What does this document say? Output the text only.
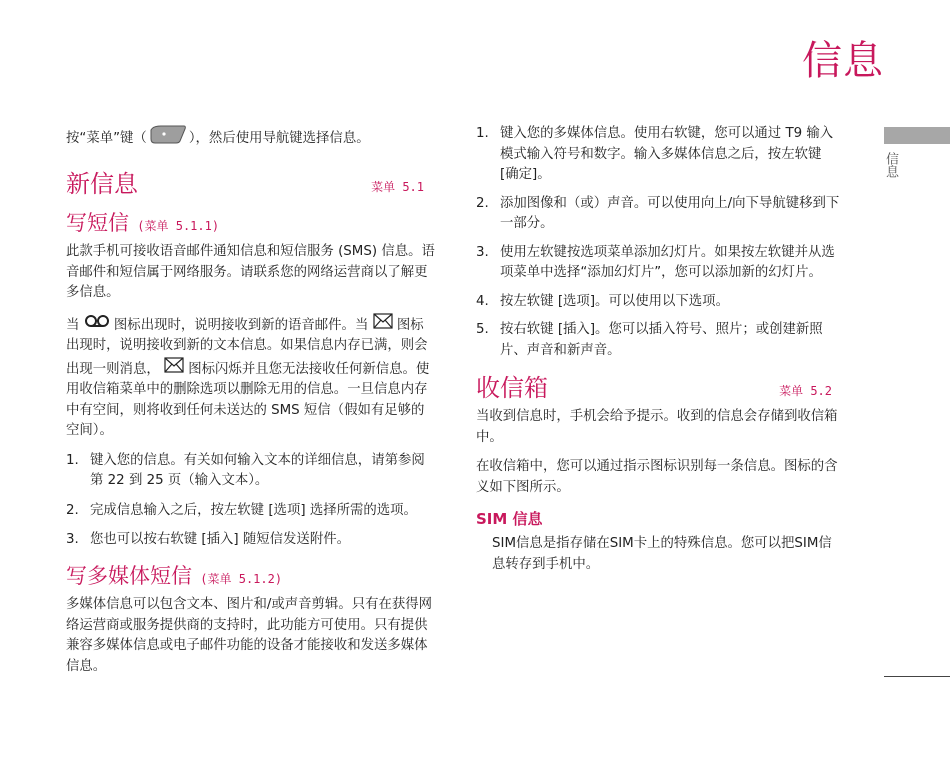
信息
信息

按“菜单”键（	），然后使用导航键选择信息。

新信息	菜单 5.1
写短信 (菜单 5.1.1)

此款手机可接收语音邮件通知信息和短信服务 (SMS) 信息。语音邮件和短信属于网络服务。请联系您的网络运营商以了解更多信息。

当	图标出现时，说明接收到新的语音邮件。当 图标出现时，说明接收到新的文本信息。如果信息内存已满，则会出现一则消息， 图标闪烁并且您无法接收任何新信息。使用收信箱菜单中的删除选项以删除无用的信息。一旦信息内存中有空间，则将收到任何未送达的 SMS 短信（假如有足够的空间）。

1. 键入您的信息。有关如何输入文本的详细信息，请第参阅第 22 到 25 页（输入文本）。
2. 完成信息输入之后，按左软键 [选项] 选择所需的选项。
3. 您也可以按右软键 [插入] 随短信发送附件。
写多媒体短信 (菜单 5.1.2)

多媒体信息可以包含文本、图片和/或声音剪辑。只有在获得网络运营商或服务提供商的支持时，此功能方可使用。只有提供兼容多媒体信息或电子邮件功能的设备才能接收和发送多媒体信息。

1. 键入您的多媒体信息。使用右软键，您可以通过 T9 输入模式输入符号和数字。输入多媒体信息之后，按左软键 [确定]。
2. 添加图像和（或）声音。可以使用向上/向下导航键移到下一部分。
3. 使用左软键按选项菜单添加幻灯片。如果按左软键并从选项菜单中选择“添加幻灯片”，您可以添加新的幻灯片。
4. 按左软键 [选项]。可以使用以下选项。
5. 按右软键 [插入]。您可以插入符号、照片；或创建新照片、声音和新声音。
收信箱	菜单 5.2

当收到信息时，手机会给予提示。收到的信息会存储到收信箱中。

在收信箱中，您可以通过指示图标识别每一条信息。图标的含义如下图所示。

SIM 信息

SIM信息是指存储在SIM卡上的特殊信息。您可以把SIM信息转存到手机中。
